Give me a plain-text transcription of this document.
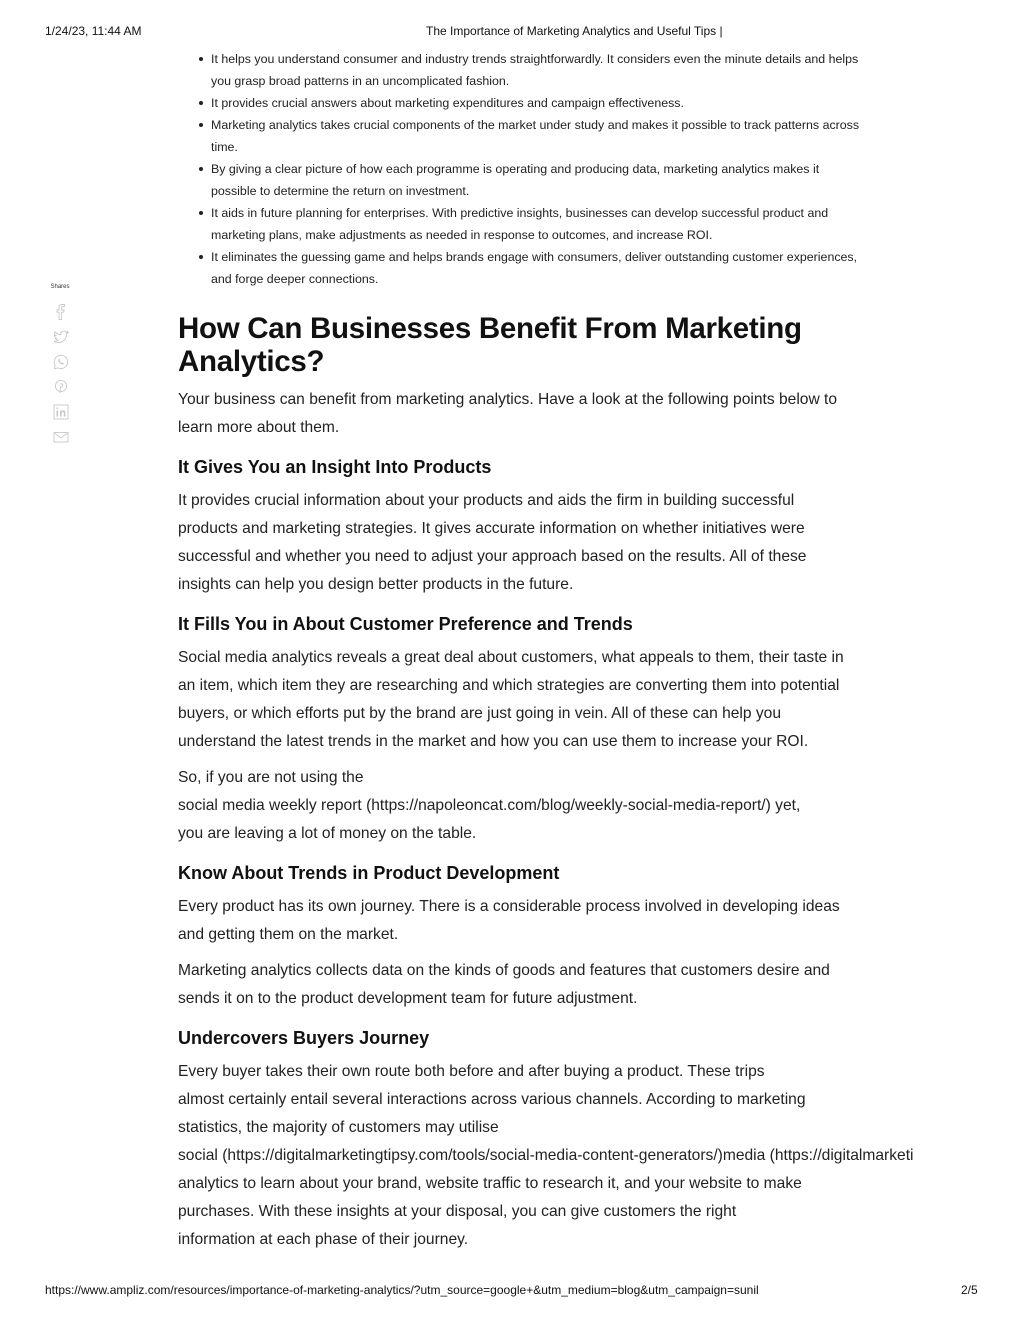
1/24/23, 11:44 AM	The Importance of Marketing Analytics and Useful Tips |
Shares
It helps you understand consumer and industry trends straightforwardly. It considers even the minute details and helps you grasp broad patterns in an uncomplicated fashion.
It provides crucial answers about marketing expenditures and campaign effectiveness.
Marketing analytics takes crucial components of the market under study and makes it possible to track patterns across time.
By giving a clear picture of how each programme is operating and producing data, marketing analytics makes it possible to determine the return on investment.
It aids in future planning for enterprises. With predictive insights, businesses can develop successful product and marketing plans, make adjustments as needed in response to outcomes, and increase ROI.
It eliminates the guessing game and helps brands engage with consumers, deliver outstanding customer experiences, and forge deeper connections.
How Can Businesses Benefit From Marketing Analytics?

Your business can benefit from marketing analytics. Have a look at the following points below to learn more about them.

It Gives You an Insight Into Products

It provides crucial information about your products and aids the firm in building successful products and marketing strategies. It gives accurate information on whether initiatives were successful and whether you need to adjust your approach based on the results. All of these insights can help you design better products in the future.

It Fills You in About Customer Preference and Trends

Social media analytics reveals a great deal about customers, what appeals to them, their taste in an item, which item they are researching and which strategies are converting them into potential buyers, or which efforts put by the brand are just going in vein. All of these can help you understand the latest trends in the market and how you can use them to increase your ROI.

So, if you are not using the
social media weekly report (https://napoleoncat.com/blog/weekly-social-media-report/) yet,
you are leaving a lot of money on the table.

Know About Trends in Product Development

Every product has its own journey. There is a considerable process involved in developing ideas and getting them on the market.

Marketing analytics collects data on the kinds of goods and features that customers desire and sends it on to the product development team for future adjustment.

Undercovers Buyers Journey

Every buyer takes their own route both before and after buying a product. These trips
almost certainly entail several interactions across various channels. According to marketing
statistics, the majority of customers may utilise
social (https://digitalmarketingtipsy.com/tools/social-media-content-generators/)media (https://digitalmarketi
analytics to learn about your brand, website traffic to research it, and your website to make
purchases. With these insights at your disposal, you can give customers the right
information at each phase of their journey.

https://www.ampliz.com/resources/importance-of-marketing-analytics/?utm_source=google+&utm_medium=blog&utm_campaign=sunil	2/5
